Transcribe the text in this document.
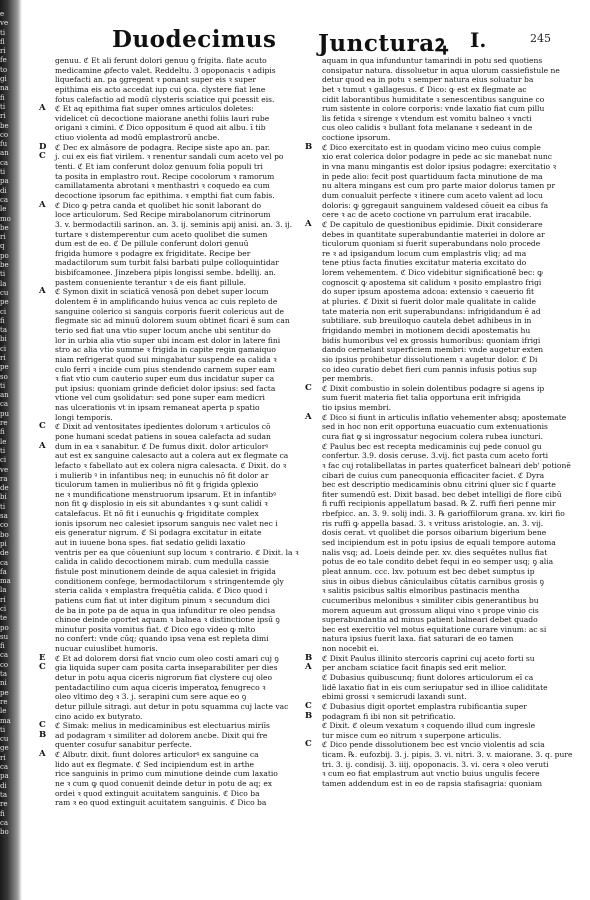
e
ve
ti
fl
ri
fe
to
gi
na
fi
ti
ri
be
co
fu
an
ca
ti
pa
di
ca
le
mo
be
ri
q
po
be
ti
la
cu
pe
ci
fi
ta
bi
ci
ri
pe
so
ti
an
ca
pu
re
fi
le
ti
ci
ve
ra
de
bi
ti
sa
co
bo
pi
de
ca
fa
ma
la
ri
ci
te
po
su
fi
ca
co
ta
ni
pe
re
le
ma
ti
cu
ge
ri
ca
pa
di
ta
re
fi
ca
bo
Duodecimus Juncturaꝝ I.	245
genuu. ℭ Et ali ferunt dolori genuu ꝯ frigita. flate acuto
medicamine ꝓfecto valet. Reddeltu. 3 opoponacis ꝛ adipis
liquefacti an. pa ꝯgregent ꝛ ponant super eis ꝛ super
epithima eis acto accedat iup cui ꝯca. clystere fiat lene
fotus calefactio ad modū clysteris sciatice qui ꝑcessit eis.
A ℭ Et aq epithima fiat super omnes articulos doletes:
videlicet cū decoctione maiorane anethi foliis lauri rube
origani ꝛ cimini. ℭ Dico oppositum ē quod ait albu. ī tib
ctiuo violenta ad modū emplastrorū ancbe.
D ℭ Dec ex almāsore de podagra. Recipe siste apo an. par.
C j. cui ex eis fiat virilem. ꝛ renentur sandali cum aceto vel po
tenti. ℭ Et iam conferunt doloz genuum folia populi tri
ta posita in emplastro rout. Recipe cocolorum ꝛ ramorum
camillatamenta abrotani ꝛ menthastri ꝛ coquedo ea cum
decoctione ipsorum fac epithima. ꝛ empthi fiat cum fabis.
A ℭ Dico ꝙ petra canda et quolibet hic sonit laborant do
loce articulorum. Sed Recipe mirabolanorum citrinorum
3. v. bermodactili sarinon. an. 3. ij. seminis apij anisi. an. 3. ij.
turtare ꝛ distemperentur cum aceto quolibet die sumen
dum est de eo. ℭ De pillule conferunt dolori genuū
frigida humore ꝛ podagre ex frigiditate. Recipe ber
madactilorum sum turbit falsi barbati pulpe colloquintidar
bisbifcamonee. Jinzebera pipis longissi sembe. bdellij. an.
pastem conueniente terantur ꝛ de eis fiant pillule.
A ℭ Symon dixit in sciaticā venosā pon debet super locum
dolentem ē in amplificando huius venca ac cuis repleto de
sanguine colerico si sanguis corporis fuerit colericus aut de
flegmate sic ad minuū dolorem suum obtinet ficari ē sum can
terio sed fiat una vtio super locum anche ubi sentitur do
lor in urbia alia vtio super ubi incam est dolor in latere fini
stro ac alia vtio summe ꝛ frigida in capite regin gamaiquo
niam refrigerat quod sui mingabatur suspende ea calida ꝛ
culo ferri ꝛ incide cum pius stendendo carnem super eam
ꝛ fiat vtio cum cauterio super eum dus incidatur super ca
put ipsius: quoniam grinde deficiet dolor ipsius: sed facta
vtione vel cum ꝯsolidatur: sed pone super eam medicri
nas ulcerationis vt in ipsam remaneat aperta p spatio
longi temporis.
C ℭ Dixit ad ventositates ipedientes dolorum ꝛ articulos cō
pone humani scedat patiens in souea calefacta ad sudan
A dum in ea ꝛ sanabitur. ℭ De fumus dixit. dolor articulorꝰ
aut est ex sanguine calesacto aut a colera aut ex flegmate ca
lefacto ꝛ fabellato aut ex colera nigra calesacta. ℭ Dixit. do ꝛ
i mulierib ꝰ in infantibus neq; in eunuchis nō fit dolor ar
ticulorum tamen in mulieribus nō fit ꝯ frigida ꝯplexio
ne ꝛ mundificatione menstruorum ipsarum. Et in infantibꝰ
non fit ꝙ displosio in eis sit abundantes ꝛ ꝙ sunt calidi ꝛ
catalefacus. Et nō fit i eunuchis ꝙ frigiditate complex
ionis ipsorum nec calesiet ipsorum sanguis nec valet nec i
eis generatur nigrum. ℭ Si podagra excitatur in eitate
aut in iuuene bona spes. fiat sedatio gelidi laxatio
ventris per ea que cōueniunt sup locum ꝛ contrario. ℭ Dixit. la ꝛ
calida in calido decoctionem mirab. cum medulla cassie
fistule post minutionem deinde de aqua calesiet in frigida
conditionem confege, bermodactilorum ꝛ stringentemde ꝯly
steria calida ꝛ emplastra frequētia calida. ℭ Dico quod i
patiens cum fiat ut inter digitum pinum ꝛ secundum dici
de ba in pote pa de aqua in qua infunditur re oleo pendsa
chinoe deinde oportet aquam ꝛ balnea ꝛ distinctione ipsū ꝯ
minutur posita vomitus fiat. ℭ Dico ego video ꝙ mlto
no confert: vnde cūq; quando ipsa vena est repleta dimi
nucuar cuiuslibet humoris.
E ℭ Et ad dolorem dorsi fiat vncio cum oleo costi amari cuj ꝯ
C gia liquida super cam posita carta inseparabiliter per dies
detur in potu aqua ciceris nigrorum fiat clystere cuj oleo
pentadactilino cum aqua ciceris imperatoꝝ fenugreco ꝛ
oleo vltimo deꝯ ꝛ 3. j. serapini cum sere aque eo ꝯ
detur pillule sitragi. aut detur in potu squamma cuj lacte vac
cino acido ex butyrato.
C ℭ Simak: melius in medicaminibus est electuarius miriīs
B ad podagram ꝛ similiter ad dolorem ancbe. Dixit qui fre
quenter cosufur sanabitur perfecte.
A ℭ Albutr. dixit. fiunt dolores articulorꝰ ex sanguine ca
lido aut ex flegmate. ℭ Sed incipiendum est in arthe
rice sanguinis in primo cum minutione deinde cum laxatio
ne ꝛ cum ꝙ quod conuenit deinde detur in potu de aq; ex
ordei ꝛ quod extinguit acuitatem sanguinis. ℭ Dico ba
ram ꝛ eo quod extinguit acuitatem sanguinis. ℭ Dico ba
aquam in qua infunduntur tamarindi in potu sed quotiens
consipatur natura. dissoluetur in aqua ulorum cassiefistule ne
detur quod ea in potu ꝛ semper natura eius soluatur ba
bet ꝛ tumut ꝛ gallagesus. ℭ Dico: ꝙ est ex flegmate ac
cidit laborantibus humiditate ꝛ senescentibus sanguine co
rum sistente in colore corporis: vnde laxatio fiat cum pillu
lis fetida ꝛ sirenge ꝛ vtendum est vomitu balneo ꝛ vncti
cus oleo calidis ꝛ bullant fota melanane ꝛ sedeant in de
coctione ipsorum.
B ℭ Dico exercitato est in quodam vicino meo cuius comple
xio erat colerica dolor podagre in pede ac sic manebat nunc
in vna manu mingantis est dolor ipsius podagre: exercitatio ꝛ
in pede alio: fecit post quartiduum facta minutione de ma
nu altera mingans est cum pro parte maior dolorus tamen pr
dum conualuit perfecte ꝛ itinere cum aceto valent ad locu
doloris: ꝙ ꝯgregauit sanguinem valdesed cōueit ea cibus fa
cere ꝛ ac de aceto coctione vn parrulum erat iracabile.
A ℭ De capitulo de questionibus epidimie. Dixit considerare
debes in quantitate superabundantie materiei in dolore ar
ticulorum quoniam si fuerit superabundans nolo procede
re ꝛ ad ipsigandum locum cum emplastris vliq; ad ma
tene ptius facta finuties excitatur materia excitato do
lorem vehementem. ℭ Dico videbitur significationē bec: ꝙ
cognoscit ꝙ apostema sit calidum ꝛ posito emplastro frigi
do super ipsum apostema adcoa: extensio ꝛ caeuerio fit
at pluries. ℭ Dixit si fuerit dolor male qualitate in calide
tate materia non erit superabundans: infrigidandum ē ad
subtiliare. sub breuiloquo cautela debet adhibeus in in
frigidando membri in motionem decidi apostematis hu
bidis humoribus vel ex grossis humoribus: quoniam ifrigi
dando cernelant superficiem membri: vnde augetur exten
sio ipsius prohibetur dissolutionem ꝛ augetur dolor. ℭ Di
co ideo curatio debet fieri cum pannis infusis potius sup
per membris.
C ℭ Dixit combustio in solein dolentibus podagre si agens ip
sum fuerit materia fiet talia opportuna erit infrigida
tio ipsius membri.
A ℭ Dico si fiunt in articulis inflatio vehementer absq; apostemate
sed in hoc non erit opportuna euacuatio cum extenuationis
cura fiat ꝙ si ingrossatur negocium colera rubea iuncturi.
ℭ Paulus bec est recepta medicaminis cuj pede conuol gu
confertur. 3.9. dosis ceruse. 3.vij. fict pasta cum aceto forti
ꝛ fac cuj rotalibellatas in partes quaterficet balneari deb' potionē
cibari de cuius cum panecquonia efficaciter faciet. ℭ Dyra
bec est descriptio medicaminis obnu citrini qluer sic f quarte
fiter sumendū est. Dixit basad. bec debet intelligi de flore cibū
fi ruffi recipionis appellatum basad. ℞ Z. ruffi fieri penne mir
rbefpicc. an. 3. 9. solij indi. 3. ℞ garioffilorum grana. xv. kiri fio
ris ruffi ꝙ appella basad. 3. ꝛ vrituss aristologie. an. 3. vij.
dosis cerat. vt quolibet die porsos oibarium bigerium bene
sed incipiendum est in potu ipsius de equali tempore automa
nalis vsq; ad. Loeis deinde per. xv. dies sequētes nullus fiat
potus de eo tale condito debet fequi in eo semper usq; ꝯ alia
pleat annum. ccc. lxv. potuum est bec debet sumptus ip
sius in oibus diebus cāniculaibus cūtatis carnibus grosis ꝯ
ꝛ salitis psicibus saltis elmoribus pastinacis mentha
cucumeribus melonibus ꝛ similiter cibis generantibus bu
morem aqueum aut grossum aliqui vino ꝛ prope vinio cis
superabundantia ad minus patient balneari debet quado
bec est exercitio vel motus equitatione curare vinum: ac si
natura ipsius fuerit laxa. fiat saturari de eo tamen
non nocebit ei.
B ℭ Dixit Paulus illinito stercoris caprini cuj aceto forti su
A per ancbam sciatice facit finapis sed erit melior.
ℭ Dubasius quibuscunq; fiunt dolores articulorum eī ca
lidē laxatio fiat in eis cum seriupatur sed in illioe caliditate
ebimi grossi ꝛ semicrudi laxandi sunt.
C ℭ Dubasius digit oportet emplastra rubificantia super
B podagram fi ibi non sit petrificatio.
ℭ Dixit. ℭ oleum vexatum ꝛ coquendo illud cum ingresle
tur misce cum eo nitrum ꝛ superpone articulis.
C ℭ Dico pende dissolutionem bec est vncio violentis ad scia
ticam. ℞. eufozbij. 3. j. pipis. 3. vi. nitri. 3. v. maiorane. 3. q. pure
tri. 3. ij. condisij. 3. iiij. opoponacis. 3. vi. cera ꝛ oleo veruti
ꝛ cum eo fiat emplastrum aut vnctio buius ungulis fecere
tamen addendum est in eo de rapsia stafisagria: quoniam
